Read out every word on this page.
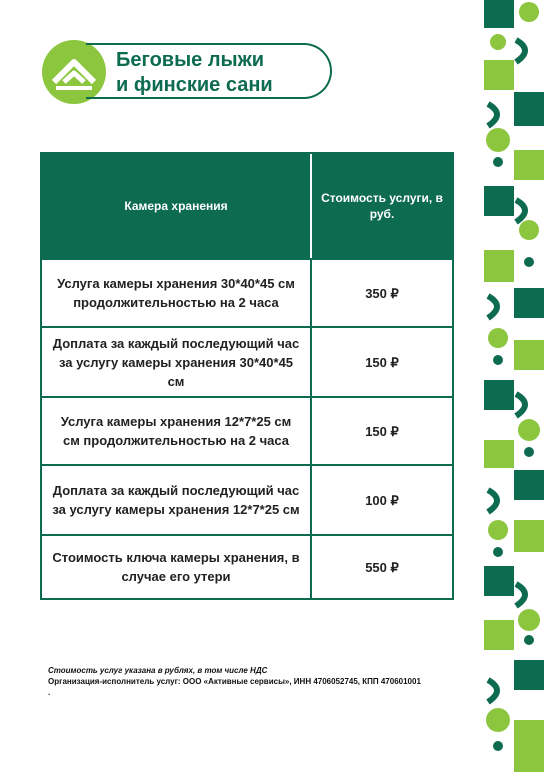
Беговые лыжи
и финские сани
Камера хранения
Стоимость услуги, в руб.
Услуга камеры хранения 30*40*45 см продолжительностью на 2 часа
350 ₽
Доплата за каждый последующий час за услугу камеры хранения 30*40*45 см
150 ₽
Услуга камеры хранения 12*7*25 см см продолжительностью на 2 часа
150 ₽
Доплата за каждый последующий час за услугу камеры хранения 12*7*25 см
100 ₽
Стоимость ключа камеры хранения, в случае его утери
550 ₽
Стоимость услуг указана в рублях, в том числе НДС
Организация-исполнитель услуг: ООО «Активные сервисы», ИНН 4706052745, КПП 470601001
.
